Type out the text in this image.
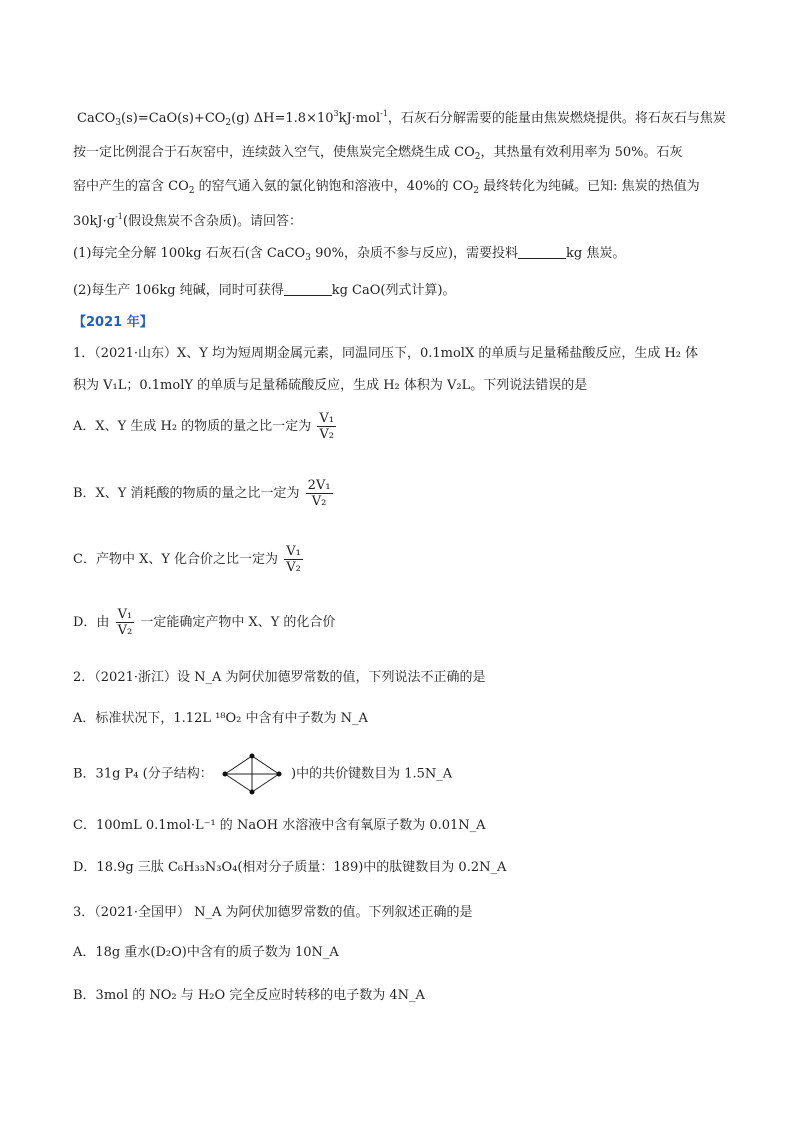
$CaCO_3(s)=CaO(s)+CO_2(g)$ $\Delta H=1.8\times 10^3kJ\cdot mol^{-1}$，石灰石分解需要的能量由焦炭燃烧提供。将石灰石与焦炭
按一定比例混合于石灰窑中，连续鼓入空气，使焦炭完全燃烧生成 $CO_2$，其热量有效利用率为 50%。石灰
窑中产生的富含 $CO_2$ 的窑气通入氨的氯化钠饱和溶液中，40%的 $CO_2$ 最终转化为纯碱。已知: 焦炭的热值为
$30kJ\cdot g^{-1}$(假设焦炭不含杂质)。请回答：
(1)每完全分解 100kg 石灰石(含 CaCO$_3$ 90%，杂质不参与反应)，需要投料	kg 焦炭。
(2)每生产 106kg 纯碱，同时可获得	kg CaO(列式计算)。
【2021 年】
1．（2021·山东）X、Y 均为短周期金属元素，同温同压下，0.1molX 的单质与足量稀盐酸反应，生成 H₂ 体
积为 V₁L；0.1molY 的单质与足量稀硫酸反应，生成 H₂ 体积为 V₂L。下列说法错误的是
A．X、Y 生成 H₂ 的物质的量之比一定为 $\frac{\text{V₁}}{\text{V₂}}$
B．X、Y 消耗酸的物质的量之比一定为 $\frac{\text{2V₁}}{\text{V₂}}$
C．产物中 X、Y 化合价之比一定为 $\frac{\text{V₁}}{\text{V₂}}$
D．由 $\frac{\text{V₁}}{\text{V₂}}$ 一定能确定产物中 X、Y 的化合价
2．（2021·浙江）设 N_A 为阿伏加德罗常数的值，下列说法不正确的是
A．标准状况下，1.12L ¹⁸O₂ 中含有中子数为 N_A
B．31g P₄ (分子结构：	)中的共价键数目为 1.5N_A
C．100mL 0.1mol·L⁻¹ 的 NaOH 水溶液中含有氧原子数为 0.01N_A
D．18.9g 三肽 C₆H₃₃N₃O₄(相对分子质量：189)中的肽键数目为 0.2N_A
3．（2021·全国甲） N_A 为阿伏加德罗常数的值。下列叙述正确的是
A．18g 重水(D₂O)中含有的质子数为 10N_A
B．3mol 的 NO₂ 与 H₂O 完全反应时转移的电子数为 4N_A
